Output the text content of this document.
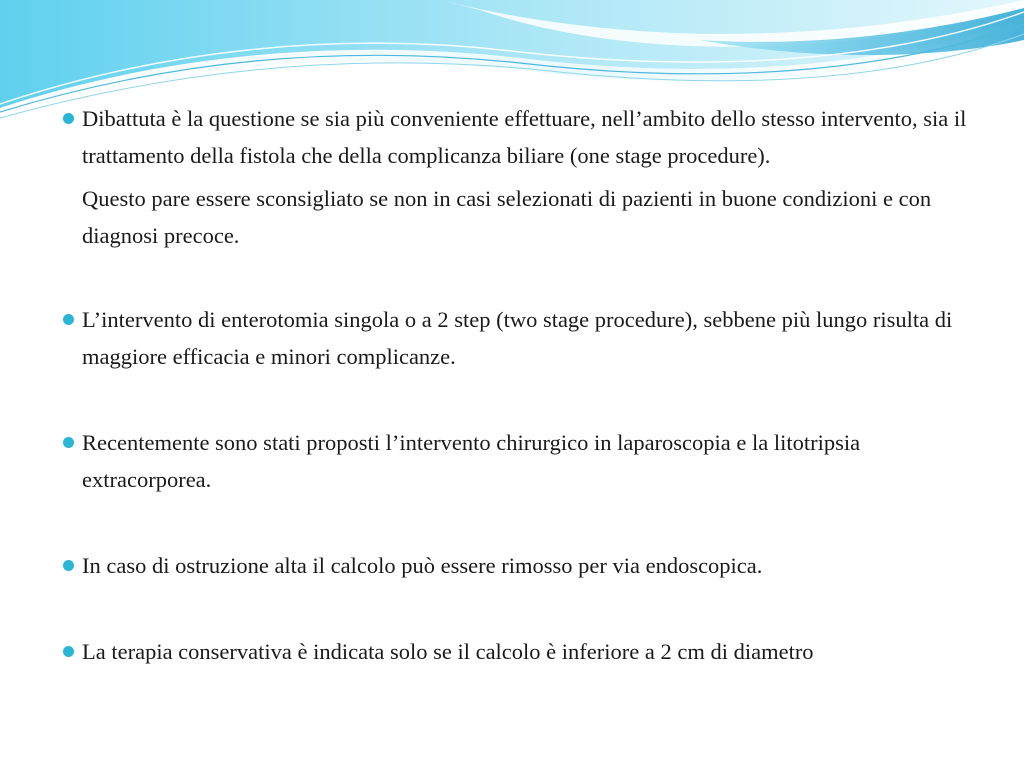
Dibattuta è la questione se sia più conveniente effettuare, nell’ambito dello stesso intervento, sia il trattamento della fistola che della complicanza biliare (one stage procedure).

Questo pare essere sconsigliato se non in casi selezionati di pazienti in buone condizioni e con diagnosi precoce.

L’intervento di enterotomia singola o a 2 step (two stage procedure), sebbene più lungo risulta di maggiore efficacia e minori complicanze.

Recentemente sono stati proposti l’intervento chirurgico in laparoscopia e la litotripsia extracorporea.

In caso di ostruzione alta il calcolo può essere rimosso per via endoscopica.

La terapia conservativa è indicata solo se il calcolo è inferiore a 2 cm di diametro
